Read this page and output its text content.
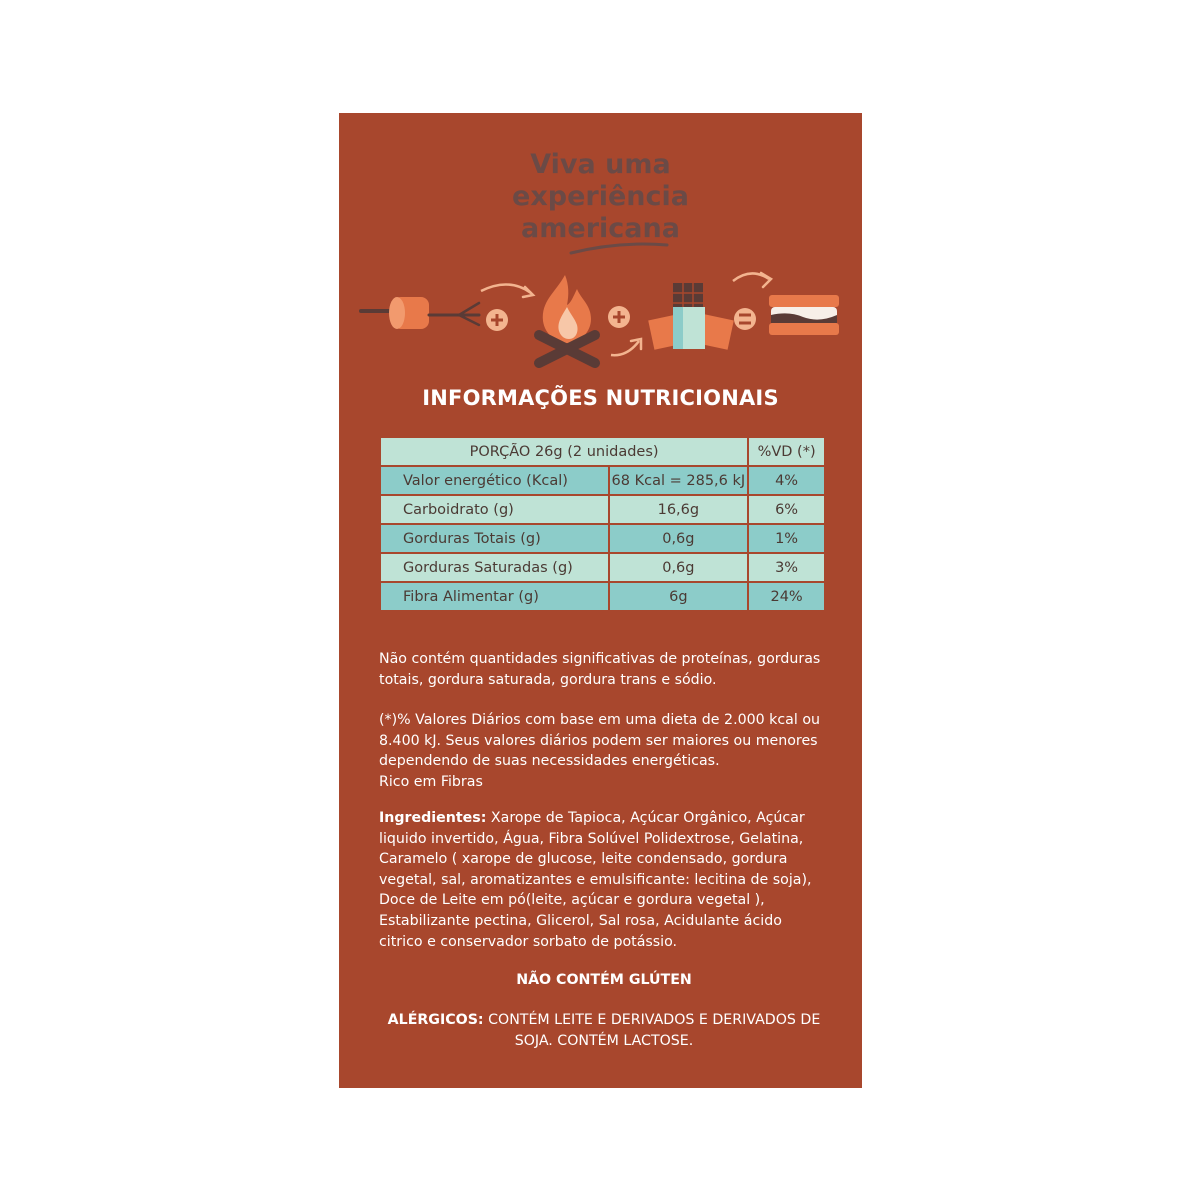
Viva uma
experiência
americana
INFORMAÇÕES NUTRICIONAIS
PORÇÃO 26g (2 unidades)		%VD (*)
Valor energético (Kcal)	68 Kcal = 285,6 kJ	4%
Carboidrato (g)	16,6g	6%
Gorduras Totais (g)	0,6g	1%
Gorduras Saturadas (g)	0,6g	3%
Fibra Alimentar (g)	6g	24%
Não contém quantidades significativas de proteínas, gorduras totais, gordura saturada, gordura trans e sódio.
(*)% Valores Diários com base em uma dieta de 2.000 kcal ou 8.400 kJ. Seus valores diários podem ser maiores ou menores dependendo de suas necessidades energéticas.
Rico em Fibras
Ingredientes: Xarope de Tapioca, Açúcar Orgânico, Açúcar liquido invertido, Água, Fibra Solúvel Polidextrose, Gelatina, Caramelo ( xarope de glucose, leite condensado, gordura vegetal, sal, aromatizantes e emulsificante: lecitina de soja), Doce de Leite em pó(leite, açúcar e gordura vegetal ), Estabilizante pectina, Glicerol, Sal rosa, Acidulante ácido citrico e conservador sorbato de potássio.
NÃO CONTÉM GLÚTEN
ALÉRGICOS: CONTÉM LEITE E DERIVADOS E DERIVADOS DE SOJA. CONTÉM LACTOSE.
